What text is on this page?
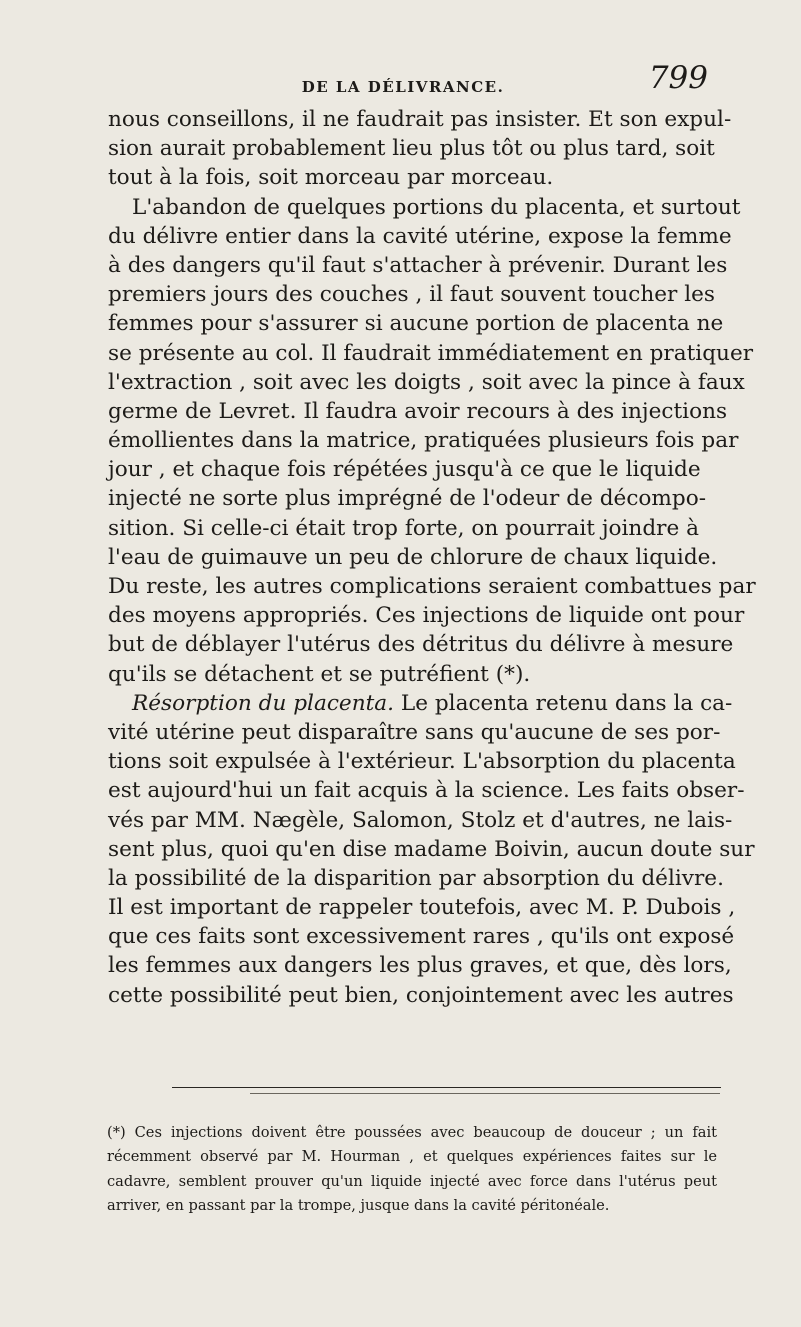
DE LA DÉLIVRANCE.	799
nous conseillons, il ne faudrait pas insister. Et son expul-
sion aurait probablement lieu plus tôt ou plus tard, soit
tout à la fois, soit morceau par morceau.
L'abandon de quelques portions du placenta, et surtout
du délivre entier dans la cavité utérine, expose la femme
à des dangers qu'il faut s'attacher à prévenir. Durant les
premiers jours des couches , il faut souvent toucher les
femmes pour s'assurer si aucune portion de placenta ne
se présente au col. Il faudrait immédiatement en pratiquer
l'extraction , soit avec les doigts , soit avec la pince à faux
germe de Levret. Il faudra avoir recours à des injections
émollientes dans la matrice, pratiquées plusieurs fois par
jour , et chaque fois répétées jusqu'à ce que le liquide
injecté ne sorte plus imprégné de l'odeur de décompo-
sition. Si celle-ci était trop forte, on pourrait joindre à
l'eau de guimauve un peu de chlorure de chaux liquide.
Du reste, les autres complications seraient combattues par
des moyens appropriés. Ces injections de liquide ont pour
but de déblayer l'utérus des détritus du délivre à mesure
qu'ils se détachent et se putréfient (*).
Résorption du placenta. Le placenta retenu dans la ca-
vité utérine peut disparaître sans qu'aucune de ses por-
tions soit expulsée à l'extérieur. L'absorption du placenta
est aujourd'hui un fait acquis à la science. Les faits obser-
vés par MM. Nægèle, Salomon, Stolz et d'autres, ne lais-
sent plus, quoi qu'en dise madame Boivin, aucun doute sur
la possibilité de la disparition par absorption du délivre.
Il est important de rappeler toutefois, avec M. P. Dubois ,
que ces faits sont excessivement rares , qu'ils ont exposé
les femmes aux dangers les plus graves, et que, dès lors,
cette possibilité peut bien, conjointement avec les autres
(*) Ces injections doivent être poussées avec beaucoup de douceur ; un fait
récemment observé par M. Hourman , et quelques expériences faites sur le
cadavre, semblent prouver qu'un liquide injecté avec force dans l'utérus peut
arriver, en passant par la trompe, jusque dans la cavité péritonéale.
